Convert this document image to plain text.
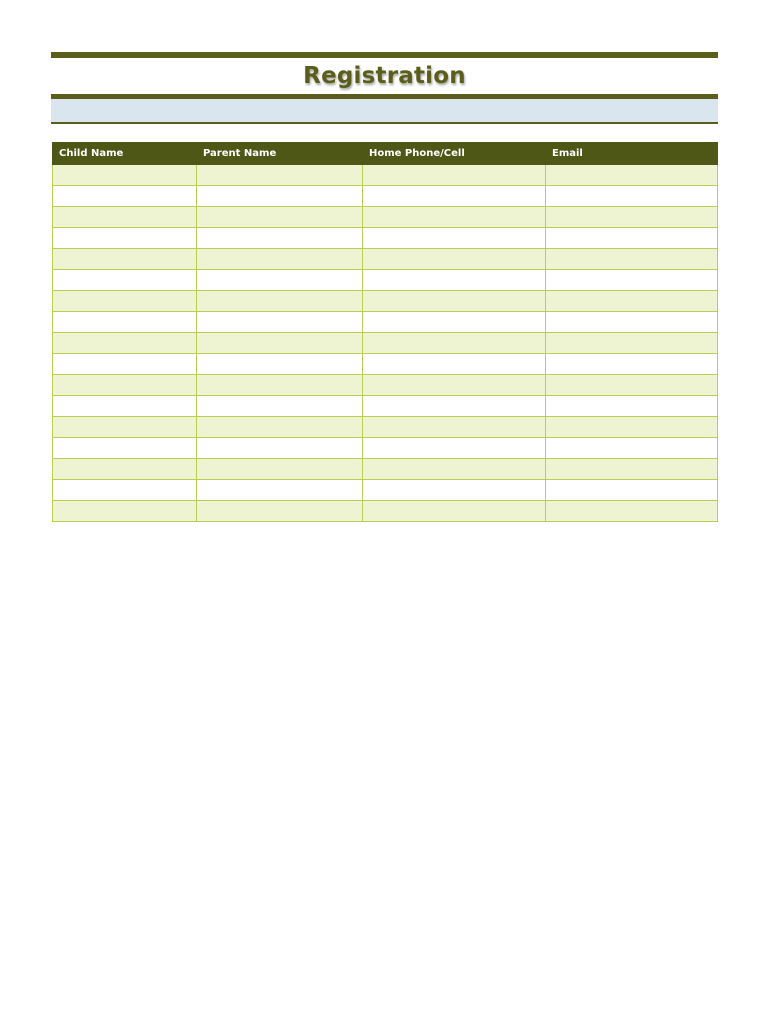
Registration
Child Name	Parent Name	Home Phone/Cell	Email
